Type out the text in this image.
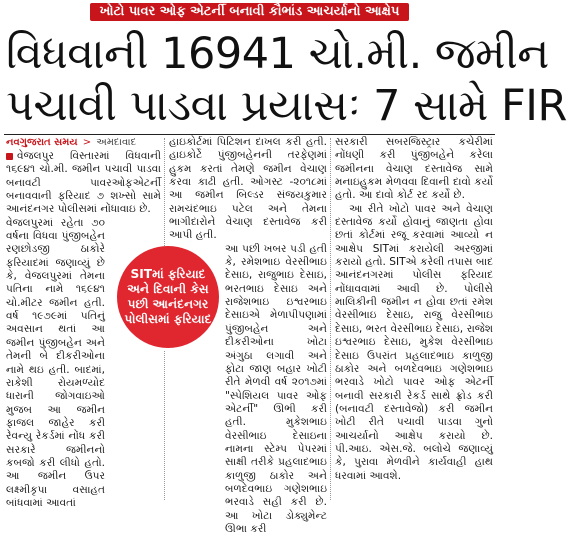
ખોટો પાવર ઓફ એટર્ની બનાવી કૌભાંડ આચર્યાનો આક્ષેપ
વિધવાની 16941 ચો.મી. જમીન
પચાવી પાડવા પ્રયાસઃ 7 સામે FIR
નવગુજરાત સમય > અમદાવાદ

વેજલપુર વિસ્તારમાં વિધવાની ૧૬૯૪૧ ચો.મી. જમીન પચાવી પાડવા બનાવટી પાવરઓફએટર્ની બનાવવાની ફરિયાદ ૭ શખ્સો સામે આનંદનગર પોલીસમાં નોંધાવાઇ છે.

વેજલપુરમાં રહેતા ૭૦ વર્ષના વિધવા પુંજીબહેન રણછોડજી ઠાકોરે ફરિયાદમાં જણાવ્યું છે કે, વેજલપુરમાં તેમના પતિના નામે ૧૬૯૪૧ ચો.મીટર જમીન હતી. વર્ષ ૧૯૭૯માં પતિનું અવસાન થતાં આ જમીન પુંજીબહેન અને તેમની બે દીકરીઓના નામે થઇ હતી. બાદમાં, રાકેશી રોયમળ્યોદ ધારાની જોગવાઇઓ મુજબ આ જમીન ફાજલ જાહેર કરી રેવન્યુ રેકર્ડમાં નોંધ કરી સરકારે જમીનનો કબજો કરી લીધો હતો. આ જમીન ઉપર લક્ષ્મીકૃપા વસાહત બાંધવામાં આવતાં

હાઇકોર્ટમાં પિટિશન દાખલ કરી હતી. હાઇકોર્ટે પુંજીબહેનની તરફેણમાં હુકમ કરતાં તેમણે જમીન વેચાણ કરવા કાઢી હતી. ઓગસ્ટ -૨૦૧૮માં આ જમીન બિલ્ડર સંજયકુમાર રામચંદભાઇ પટેલ અને તેમના ભાગીદારોને વેચાણ દસ્તાવેજ કરી આપી હતી.

આ પછી ખબર પડી હતી કે, રમેશભાઇ વેરસીભાઇ દેસાઇ, રાજુભાઇ દેસાઇ, ભરતભાઇ દેસાઇ અને રાજેશભાઇ ઇશ્વરભાઇ દેસાઇએ મેળાપીપણામાં પુંજીબહેન અને દીકરીઓના ખોટા અંગુઠા લગાવી અને ફોટા જાણ બહાર ખોટી રીતે મેળવી વર્ષ ૨૦૧૭માં "સ્પેશિયલ પાવર ઓફ એટર્ની" ઊભી કરી હતી. મુકેશભાઇ વેરસીભાઇ દેસાઇના નામના સ્ટેમ્પ પેપરમાં સાક્ષી તરીકે પ્રહલાદભાઇ કાળુજી ઠાકોર અને બળદેવભાઇ ગણેશભાઇ ભરવાડે સહી કરી છે. આ ખોટા ડોક્યુમેન્ટ ઊભા કરી

સરકારી સબરજિસ્ટ્રાર કચેરીમાં નોંધણી કરી પુંજીબહેને કરેલા જમીનના વેચાણ દસ્તાવેજ સામે મનાઇહુકમ મેળવવા દિવાની દાવો કર્યો હતો. આ દાવો કોર્ટ રદ કર્યો છે.

આ રીતે ખોટો પાવર અને વેચાણ દસ્તાવેજ કર્યો હોવાનું જાણતા હોવા છતાં કોર્ટમાં રજૂ કરવામાં આવ્યો ન આક્ષેપ SITમાં કરાયેલી અરજીમાં કરાયો હતો. SITએ કરેલી તપાસ બાદ આનંદનગરમાં પોલીસ ફરિયાદ નોંધાવવામાં આવી છે. પોલીસે માલિકીની જમીન ન હોવા છતાં રમેશ વેરસીભાઇ દેસાઇ, રાજુ વેરસીભાઇ દેસાઇ, ભરત વેરસીભાઇ દેસાઇ, રાજેશ ઇશ્વરભાઇ દેસાઇ, મુકેશ વેરસીભાઇ દેસાઇ ઉપરાંત પ્રહલાદભાઇ કાળુજી ઠાકોર અને બળદેવભાઇ ગણેશભાઇ ભરવાડે ખોટો પાવર ઓફ એટર્ની બનાવી સરકારી રેકર્ડ સાથે ફ્રોડ કરી (બનાવટી દસ્તાવેજો) કરી જમીન ખોટી રીતે પચાવી પાડવા ગુનો આચર્યાનો આક્ષેપ કરાયો છે. પી.આઇ. એસ.જે. બલોચે જણાવ્યું કે, પુરાવા મેળવીને કાર્યવાહી હાથ ધરવામાં આવશે.

SITમાં ફરિયાદ અને દિવાની કેસ પછી આનંદનગર પોલીસમાં ફરિયાદ
